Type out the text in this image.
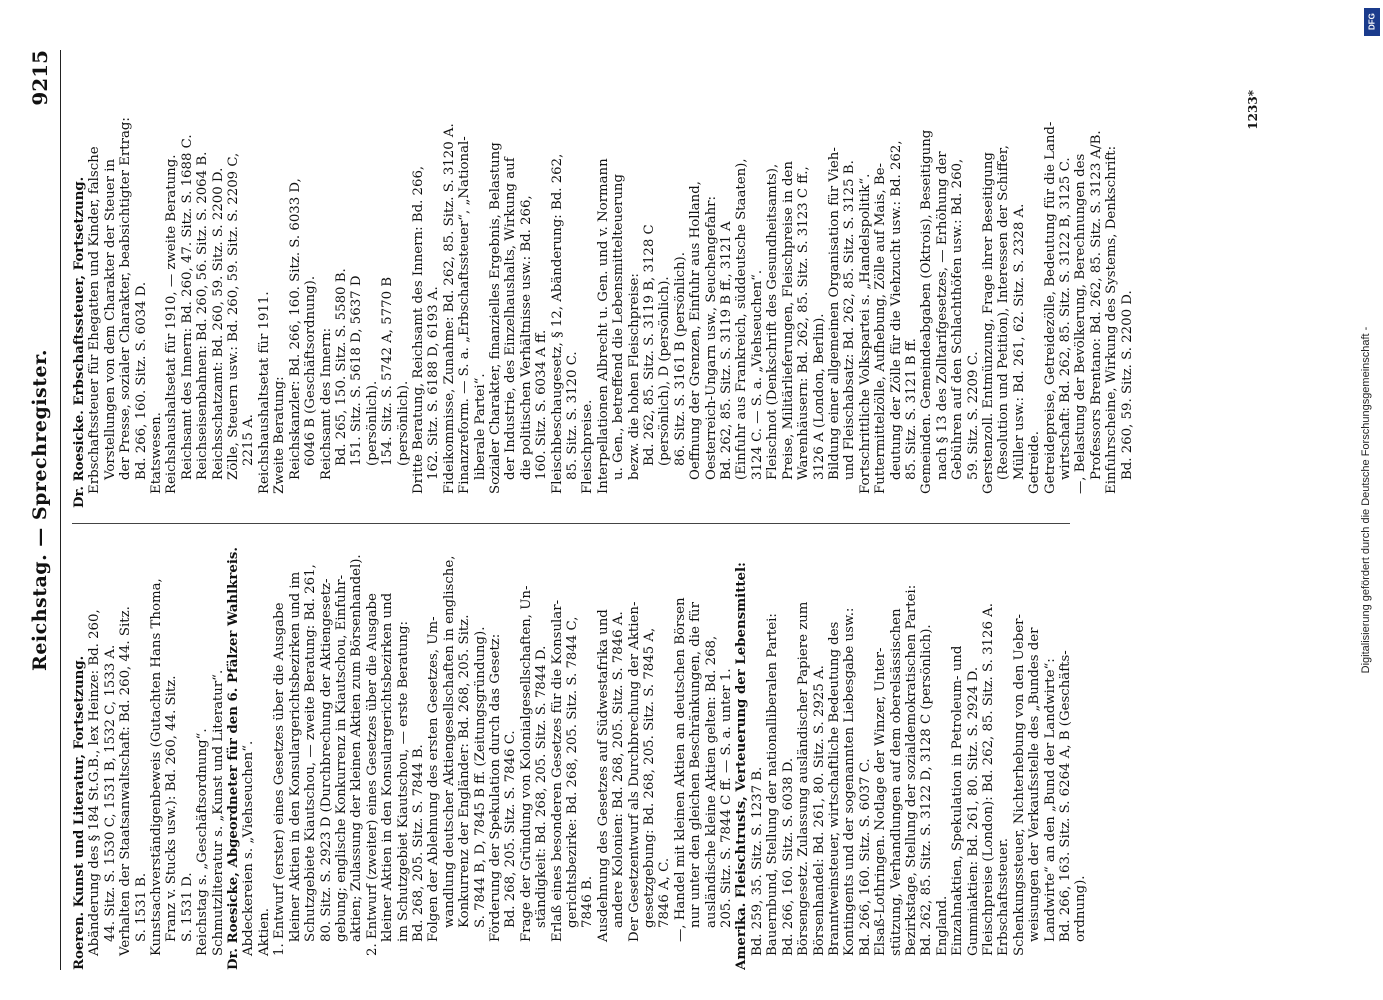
Reichstag. — Sprechregister.
9215
Roeren. Kunst und Literatur, Fortsetzung. Abänderung des § 184 St.G.B., lex Heinze: Bd. 260, 44. Sitz. S. 1530 C, 1531 B, 1532 C, 1533 A. Verhalten der Staatsanwaltschaft: Bd. 260, 44. Sitz. S. 1531 B. Kunstsachverständigenbeweis (Gutachten Hans Thoma, Franz v. Stucks usw.): Bd. 260, 44. Sitz. S. 1531 D. Reichstag s. „Geschäftsordnung“. Schmutzliteratur s. „Kunst und Literatur“. Dr. Roesicke, Abgeordneter für den 6. Pfälzer Wahlkreis. Abdeckereien s. „Viehseuchen“. Aktien. 1. Entwurf (erster) eines Gesetzes über die Ausgabe kleiner Aktien in den Konsulargerichtsbezirken und im Schutzgebiete Kiautschou, — zweite Beratung: Bd. 261, 80. Sitz. S. 2923 D (Durchbrechung der Aktiengesetz- gebung; englische Konkurrenz in Kiautschou, Einfuhr- aktien; Zulassung der kleinen Aktien zum Börsenhandel). 2. Entwurf (zweiter) eines Gesetzes über die Ausgabe kleiner Aktien in den Konsulargerichtsbezirken und im Schutzgebiet Kiautschou, — erste Beratung: Bd. 268, 205. Sitz. S. 7844 B. Folgen der Ablehnung des ersten Gesetzes, Um- wandlung deutscher Aktiengesellschaften in englische, Konkurrenz der Engländer: Bd. 268, 205. Sitz. S. 7844 B, D, 7845 B ff. (Zeitungsgründung). Förderung der Spekulation durch das Gesetz: Bd. 268, 205. Sitz. S. 7846 C. Frage der Gründung von Kolonialgesellschaften, Un- ständigkeit: Bd. 268, 205. Sitz. S. 7844 D. Erlaß eines besonderen Gesetzes für die Konsular- gerichtsbezirke: Bd. 268, 205. Sitz. S. 7844 C, 7846 B. Ausdehnung des Gesetzes auf Südwestafrika und andere Kolonien: Bd. 268, 205. Sitz. S. 7846 A. Der Gesetzentwurf als Durchbrechung der Aktien- gesetzgebung: Bd. 268, 205. Sitz. S. 7845 A, 7846 A, C. —, Handel mit kleinen Aktien an deutschen Börsen nur unter den gleichen Beschränkungen, die für ausländische kleine Aktien gelten: Bd. 268, 205. Sitz. S. 7844 C ff. — S. a. unter 1. Amerika. Fleischtrusts, Verteuerung der Lebensmittel: Bd. 259, 35. Sitz. S. 1237 B. Bauernbund, Stellung der nationalliberalen Partei: Bd. 266, 160. Sitz. S. 6038 D. Börsengesetz. Zulassung ausländischer Papiere zum Börsenhandel: Bd. 261, 80. Sitz. S. 2925 A. Branntweinsteuer, wirtschaftliche Bedeutung des Kontingents und der sogenannten Liebesgabe usw.: Bd. 266, 160. Sitz. S. 6037 C. Elsaß-Lothringen. Notlage der Winzer, Unter- stützung, Verhandlungen auf dem oberelsässischen Bezirkstage, Stellung der sozialdemokratischen Partei: Bd. 262, 85. Sitz. S. 3122 D, 3128 C (persönlich). England. Einzahnaktien, Spekulation in Petroleum- und Gummiaktien: Bd. 261, 80. Sitz. S. 2924 D. Fleischpreise (London): Bd. 262, 85. Sitz. S. 3126 A. Erbschaftssteuer. Schenkungssteuer, Nichterhebung von den Ueber- weisungen der Verkaufsstelle des „Bundes der Landwirte“ an den „Bund der Landwirte“: Bd. 266, 163. Sitz. S. 6264 A, B (Geschäfts- ordnung).
Dr. Roesicke. Erbschaftssteuer, Fortsetzung. Erbschaftssteuer für Ehegatten und Kinder, falsche Vorstellungen von dem Charakter der Steuer in der Presse, sozialer Charakter, beabsichtigter Ertrag: Bd. 266, 160. Sitz. S. 6034 D. Etatswesen. Reichshaushaltsetat für 1910, — zweite Beratung. Reichsamt des Innern: Bd. 260, 47. Sitz. S. 1688 C. Reichseisenbahnen: Bd. 260, 56. Sitz. S. 2064 B. Reichsschatzamt: Bd. 260, 59. Sitz. S. 2200 D. Zölle, Steuern usw.: Bd. 260, 59. Sitz. S. 2209 C, 2215 A. Reichshaushaltsetat für 1911. Zweite Beratung: Reichskanzler: Bd. 266, 160. Sitz. S. 6033 D, 6046 B (Geschäftsordnung). Reichsamt des Innern: Bd. 265, 150. Sitz. S. 5580 B. 151. Sitz. S. 5618 D, 5637 D (persönlich). 154. Sitz. S. 5742 A, 5770 B (persönlich). Dritte Beratung, Reichsamt des Innern: Bd. 266, 162. Sitz. S. 6188 D, 6193 A. Fideikommisse, Zunahme: Bd. 262, 85. Sitz. S. 3120 A. Finanzreform. — S. a. „Erbschaftssteuer“, „National- liberale Partei“. Sozialer Charakter, finanzielles Ergebnis, Belastung der Industrie, des Einzelhaushalts, Wirkung auf die politischen Verhältnisse usw.: Bd. 266, 160. Sitz. S. 6034 A ff. Fleischbeschaugesetz, § 12, Abänderung: Bd. 262, 85. Sitz. S. 3120 C. Fleischpreise. Interpellationen Albrecht u. Gen. und v. Normann u. Gen., betreffend die Lebensmittelteuerung bezw. die hohen Fleischpreise: Bd. 262, 85. Sitz. S. 3119 B, 3128 C (persönlich), D (persönlich). 86. Sitz. S. 3161 B (persönlich). Oeffnung der Grenzen, Einfuhr aus Holland, Oesterreich-Ungarn usw., Seuchengefahr: Bd. 262, 85. Sitz. S. 3119 B ff., 3121 A (Einfuhr aus Frankreich, süddeutsche Staaten), 3124 C. — S. a. „Viehseuchen“. Fleischnot (Denkschrift des Gesundheitsamts), Preise, Militärlieferungen, Fleischpreise in den Warenhäusern: Bd. 262, 85. Sitz. S. 3123 C ff., 3126 A (London, Berlin). Bildung einer allgemeinen Organisation für Vieh- und Fleischabsatz: Bd. 262, 85. Sitz. S. 3125 B. Fortschrittliche Volkspartei s. „Handelspolitik“. Futtermittelzölle, Aufhebung, Zölle auf Mais, Be- deutung der Zölle für die Viehzucht usw.: Bd. 262, 85. Sitz. S. 3121 B ff. Gemeinden. Gemeindeabgaben (Oktrois), Beseitigung nach § 13 des Zolltarifgesetzes, — Erhöhung der Gebühren auf den Schlachthöfen usw.: Bd. 260, 59. Sitz. S. 2209 C. Gerstenzoll. Entmünzung, Frage ihrer Beseitigung (Resolution und Petition), Interessen der Schiffer, Müller usw.: Bd. 261, 62. Sitz. S. 2328 A. Getreide. Getreidepreise, Getreidezölle, Bedeutung für die Land- wirtschaft: Bd. 262, 85. Sitz. S. 3122 B, 3125 C. —, Belastung der Bevölkerung, Berechnungen des Professors Brentano: Bd. 262, 85. Sitz. S. 3123 A/B. Einfuhrscheine, Wirkung des Systems, Denkschrift: Bd. 260, 59. Sitz. S. 2200 D.
1233*
Digitalisierung gefördert durch die Deutsche Forschungsgemeinschaft -
DFG
